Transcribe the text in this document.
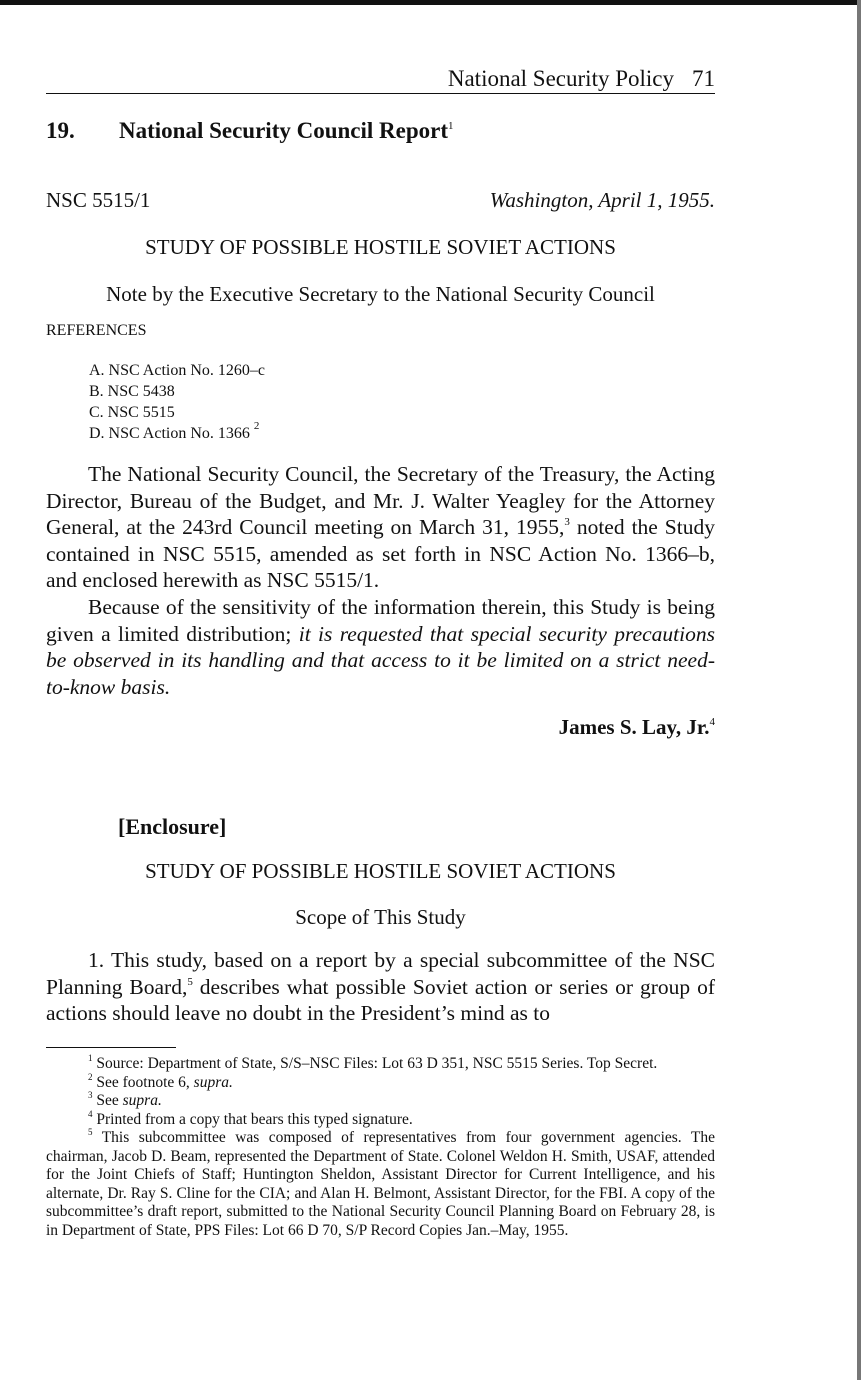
National Security Policy 71
19. National Security Council Report$^1$
NSC 5515/1	Washington, April 1, 1955.
STUDY OF POSSIBLE HOSTILE SOVIET ACTIONS
Note by the Executive Secretary to the National Security Council
REFERENCES
A. NSC Action No. 1260–c
B. NSC 5438
C. NSC 5515
D. NSC Action No. 1366 $^2$

The National Security Council, the Secretary of the Treasury, the Acting Director, Bureau of the Budget, and Mr. J. Walter Yeagley for the Attorney General, at the 243rd Council meeting on March 31, 1955,$^3$ noted the Study contained in NSC 5515, amended as set forth in NSC Action No. 1366–b, and enclosed herewith as NSC 5515/1.

Because of the sensitivity of the information therein, this Study is being given a limited distribution; it is requested that special security precautions be observed in its handling and that access to it be limited on a strict need-to-know basis.

James S. Lay, Jr.$^4$
[Enclosure]
STUDY OF POSSIBLE HOSTILE SOVIET ACTIONS
Scope of This Study

1. This study, based on a report by a special subcommittee of the NSC Planning Board,$^5$ describes what possible Soviet action or series or group of actions should leave no doubt in the President’s mind as to

$^1$ Source: Department of State, S/S–NSC Files: Lot 63 D 351, NSC 5515 Series. Top Secret.

$^2$ See footnote 6, supra.

$^3$ See supra.

$^4$ Printed from a copy that bears this typed signature.

$^5$ This subcommittee was composed of representatives from four government agencies. The chairman, Jacob D. Beam, represented the Department of State. Colonel Weldon H. Smith, USAF, attended for the Joint Chiefs of Staff; Huntington Sheldon, Assistant Director for Current Intelligence, and his alternate, Dr. Ray S. Cline for the CIA; and Alan H. Belmont, Assistant Director, for the FBI. A copy of the subcommittee’s draft report, submitted to the National Security Council Planning Board on February 28, is in Department of State, PPS Files: Lot 66 D 70, S/P Record Copies Jan.–May, 1955.
